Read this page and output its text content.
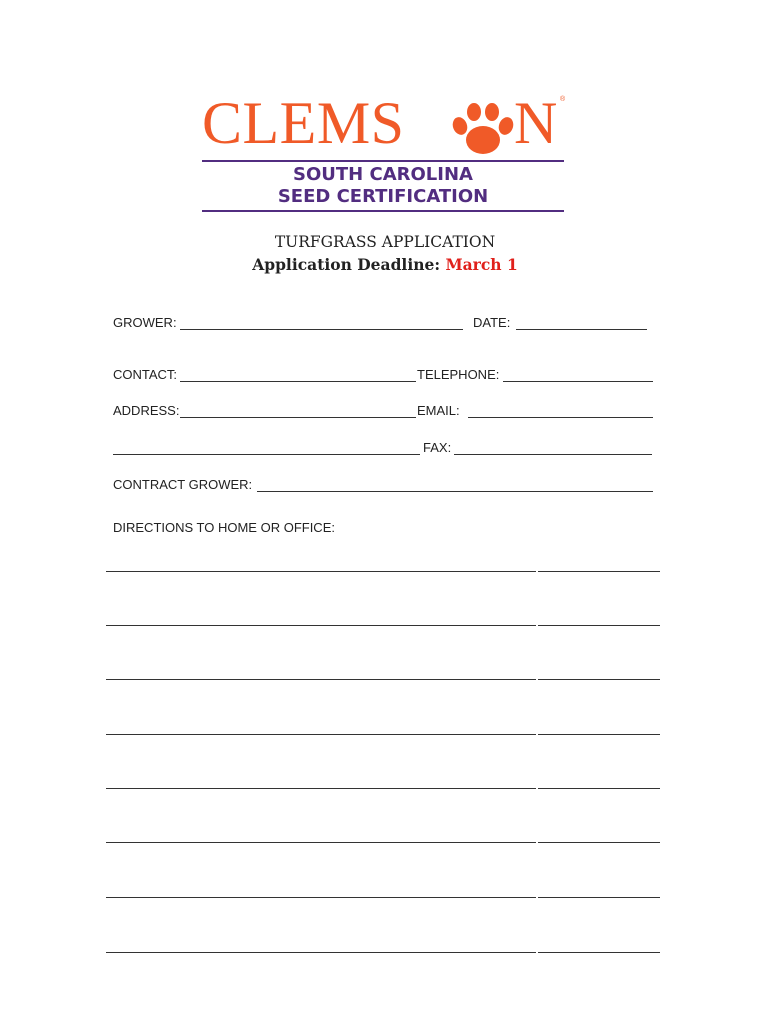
CLEMS N ®
SOUTH CAROLINA
SEED CERTIFICATION
TURFGRASS APPLICATION
Application Deadline: March 1
GROWER:	DATE:
CONTACT:	TELEPHONE:
ADDRESS:	EMAIL:
FAX:
CONTRACT GROWER:
DIRECTIONS TO HOME OR OFFICE:
